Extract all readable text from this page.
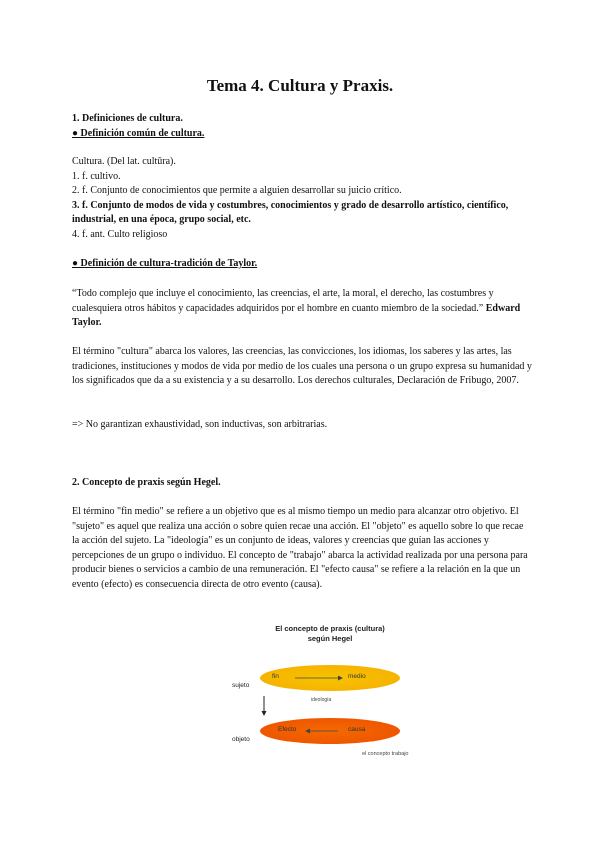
Tema 4. Cultura y Praxis.

1. Definiciones de cultura.

● Definición común de cultura.

Cultura. (Del lat. cultūra).

1. f. cultivo.

2. f. Conjunto de conocimientos que permite a alguien desarrollar su juicio crítico.

3. f. Conjunto de modos de vida y costumbres, conocimientos y grado de desarrollo artístico, científico, industrial, en una época, grupo social, etc.

4. f. ant. Culto religioso

● Definición de cultura-tradición de Taylor.

“Todo complejo que incluye el conocimiento, las creencias, el arte, la moral, el derecho, las costumbres y cualesquiera otros hábitos y capacidades adquiridos por el hombre en cuanto miembro de la sociedad.” Edward Taylor.

El término "cultura" abarca los valores, las creencias, las convicciones, los idiomas, los saberes y las artes, las tradiciones, instituciones y modos de vida por medio de los cuales una persona o un grupo expresa su humanidad y los significados que da a su existencia y a su desarrollo. Los derechos culturales, Declaración de Fribugo, 2007.

=> No garantizan exhaustividad, son inductivas, son arbitrarias.

2. Concepto de praxis según Hegel.

El término "fin medio" se refiere a un objetivo que es al mismo tiempo un medio para alcanzar otro objetivo. El "sujeto" es aquel que realiza una acción o sobre quien recae una acción. El "objeto" es aquello sobre lo que recae la acción del sujeto. La "ideología" es un conjunto de ideas, valores y creencias que guían las acciones y percepciones de un grupo o individuo. El concepto de "trabajo" abarca la actividad realizada por una persona para producir bienes o servicios a cambio de una remuneración. El "efecto causa" se refiere a la relación en la que un evento (efecto) es consecuencia directa de otro evento (causa).

El concepto de praxis (cultura)
según Hegel
sujeto
objeto
fin	medio
ideología
Efecto	causa
el concepto trabajo
